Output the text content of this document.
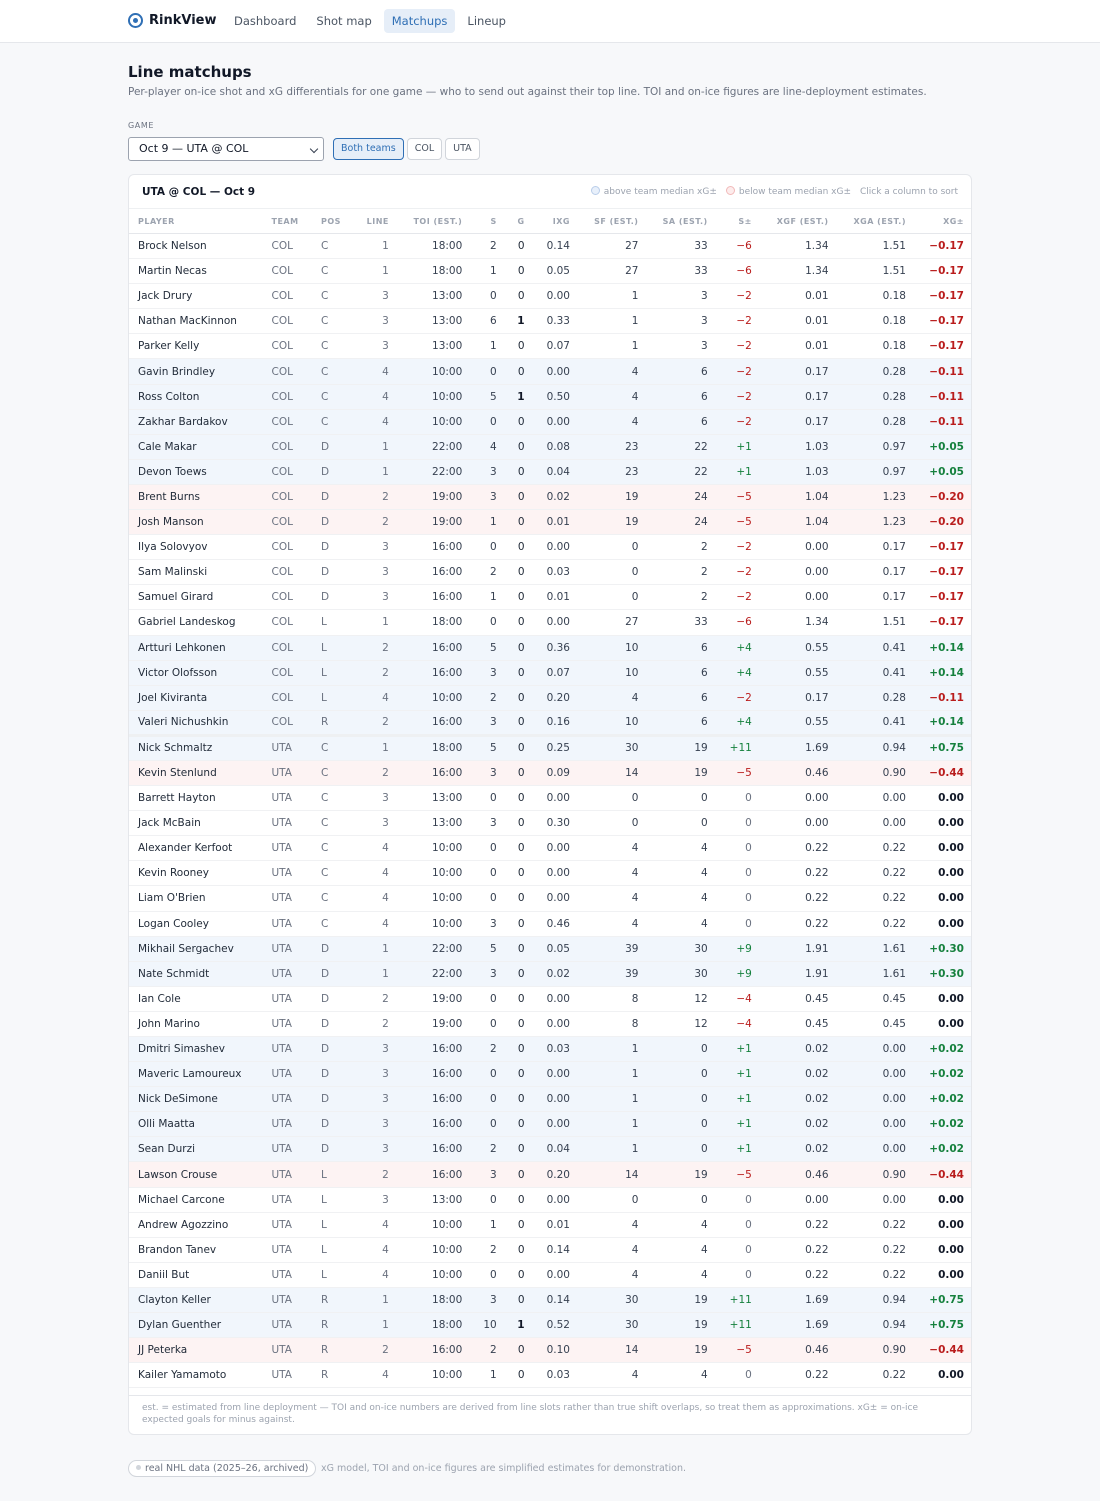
RinkView	Dashboard	Shot map	Matchups	Lineup
Line matchups
Per-player on-ice shot and xG differentials for one game — who to send out against their top line. TOI and on-ice figures are line-deployment estimates.
GAME
Oct 9 — UTA @ COL	Both teams	COL	UTA
UTA @ COL — Oct 9	above team median xG±	below team median xG± Click a column to sort
PLAYER	TEAM	POS	LINE	TOI (EST.)	S	G	IXG	SF (EST.)	SA (EST.)	S±	XGF (EST.)	XGA (EST.)	XG±
Brock Nelson	COL	C	1	18:00	2	0	0.14	27	33	−6	1.34	1.51	−0.17
Martin Necas	COL	C	1	18:00	1	0	0.05	27	33	−6	1.34	1.51	−0.17
Jack Drury	COL	C	3	13:00	0	0	0.00	1	3	−2	0.01	0.18	−0.17
Nathan MacKinnon	COL	C	3	13:00	6	1	0.33	1	3	−2	0.01	0.18	−0.17
Parker Kelly	COL	C	3	13:00	1	0	0.07	1	3	−2	0.01	0.18	−0.17
Gavin Brindley	COL	C	4	10:00	0	0	0.00	4	6	−2	0.17	0.28	−0.11
Ross Colton	COL	C	4	10:00	5	1	0.50	4	6	−2	0.17	0.28	−0.11
Zakhar Bardakov	COL	C	4	10:00	0	0	0.00	4	6	−2	0.17	0.28	−0.11
Cale Makar	COL	D	1	22:00	4	0	0.08	23	22	+1	1.03	0.97	+0.05
Devon Toews	COL	D	1	22:00	3	0	0.04	23	22	+1	1.03	0.97	+0.05
Brent Burns	COL	D	2	19:00	3	0	0.02	19	24	−5	1.04	1.23	−0.20
Josh Manson	COL	D	2	19:00	1	0	0.01	19	24	−5	1.04	1.23	−0.20
Ilya Solovyov	COL	D	3	16:00	0	0	0.00	0	2	−2	0.00	0.17	−0.17
Sam Malinski	COL	D	3	16:00	2	0	0.03	0	2	−2	0.00	0.17	−0.17
Samuel Girard	COL	D	3	16:00	1	0	0.01	0	2	−2	0.00	0.17	−0.17
Gabriel Landeskog	COL	L	1	18:00	0	0	0.00	27	33	−6	1.34	1.51	−0.17
Artturi Lehkonen	COL	L	2	16:00	5	0	0.36	10	6	+4	0.55	0.41	+0.14
Victor Olofsson	COL	L	2	16:00	3	0	0.07	10	6	+4	0.55	0.41	+0.14
Joel Kiviranta	COL	L	4	10:00	2	0	0.20	4	6	−2	0.17	0.28	−0.11
Valeri Nichushkin	COL	R	2	16:00	3	0	0.16	10	6	+4	0.55	0.41	+0.14
Nick Schmaltz	UTA	C	1	18:00	5	0	0.25	30	19	+11	1.69	0.94	+0.75
Kevin Stenlund	UTA	C	2	16:00	3	0	0.09	14	19	−5	0.46	0.90	−0.44
Barrett Hayton	UTA	C	3	13:00	0	0	0.00	0	0	0	0.00	0.00	0.00
Jack McBain	UTA	C	3	13:00	3	0	0.30	0	0	0	0.00	0.00	0.00
Alexander Kerfoot	UTA	C	4	10:00	0	0	0.00	4	4	0	0.22	0.22	0.00
Kevin Rooney	UTA	C	4	10:00	0	0	0.00	4	4	0	0.22	0.22	0.00
Liam O'Brien	UTA	C	4	10:00	0	0	0.00	4	4	0	0.22	0.22	0.00
Logan Cooley	UTA	C	4	10:00	3	0	0.46	4	4	0	0.22	0.22	0.00
Mikhail Sergachev	UTA	D	1	22:00	5	0	0.05	39	30	+9	1.91	1.61	+0.30
Nate Schmidt	UTA	D	1	22:00	3	0	0.02	39	30	+9	1.91	1.61	+0.30
Ian Cole	UTA	D	2	19:00	0	0	0.00	8	12	−4	0.45	0.45	0.00
John Marino	UTA	D	2	19:00	0	0	0.00	8	12	−4	0.45	0.45	0.00
Dmitri Simashev	UTA	D	3	16:00	2	0	0.03	1	0	+1	0.02	0.00	+0.02
Maveric Lamoureux	UTA	D	3	16:00	0	0	0.00	1	0	+1	0.02	0.00	+0.02
Nick DeSimone	UTA	D	3	16:00	0	0	0.00	1	0	+1	0.02	0.00	+0.02
Olli Maatta	UTA	D	3	16:00	0	0	0.00	1	0	+1	0.02	0.00	+0.02
Sean Durzi	UTA	D	3	16:00	2	0	0.04	1	0	+1	0.02	0.00	+0.02
Lawson Crouse	UTA	L	2	16:00	3	0	0.20	14	19	−5	0.46	0.90	−0.44
Michael Carcone	UTA	L	3	13:00	0	0	0.00	0	0	0	0.00	0.00	0.00
Andrew Agozzino	UTA	L	4	10:00	1	0	0.01	4	4	0	0.22	0.22	0.00
Brandon Tanev	UTA	L	4	10:00	2	0	0.14	4	4	0	0.22	0.22	0.00
Daniil But	UTA	L	4	10:00	0	0	0.00	4	4	0	0.22	0.22	0.00
Clayton Keller	UTA	R	1	18:00	3	0	0.14	30	19	+11	1.69	0.94	+0.75
Dylan Guenther	UTA	R	1	18:00	10	1	0.52	30	19	+11	1.69	0.94	+0.75
JJ Peterka	UTA	R	2	16:00	2	0	0.10	14	19	−5	0.46	0.90	−0.44
Kailer Yamamoto	UTA	R	4	10:00	1	0	0.03	4	4	0	0.22	0.22	0.00
est. = estimated from line deployment — TOI and on-ice numbers are derived from line slots rather than true shift overlaps, so treat them as approximations. xG± = on-ice expected goals for minus against.
real NHL data (2025–26, archived)	xG model, TOI and on-ice figures are simplified estimates for demonstration.
